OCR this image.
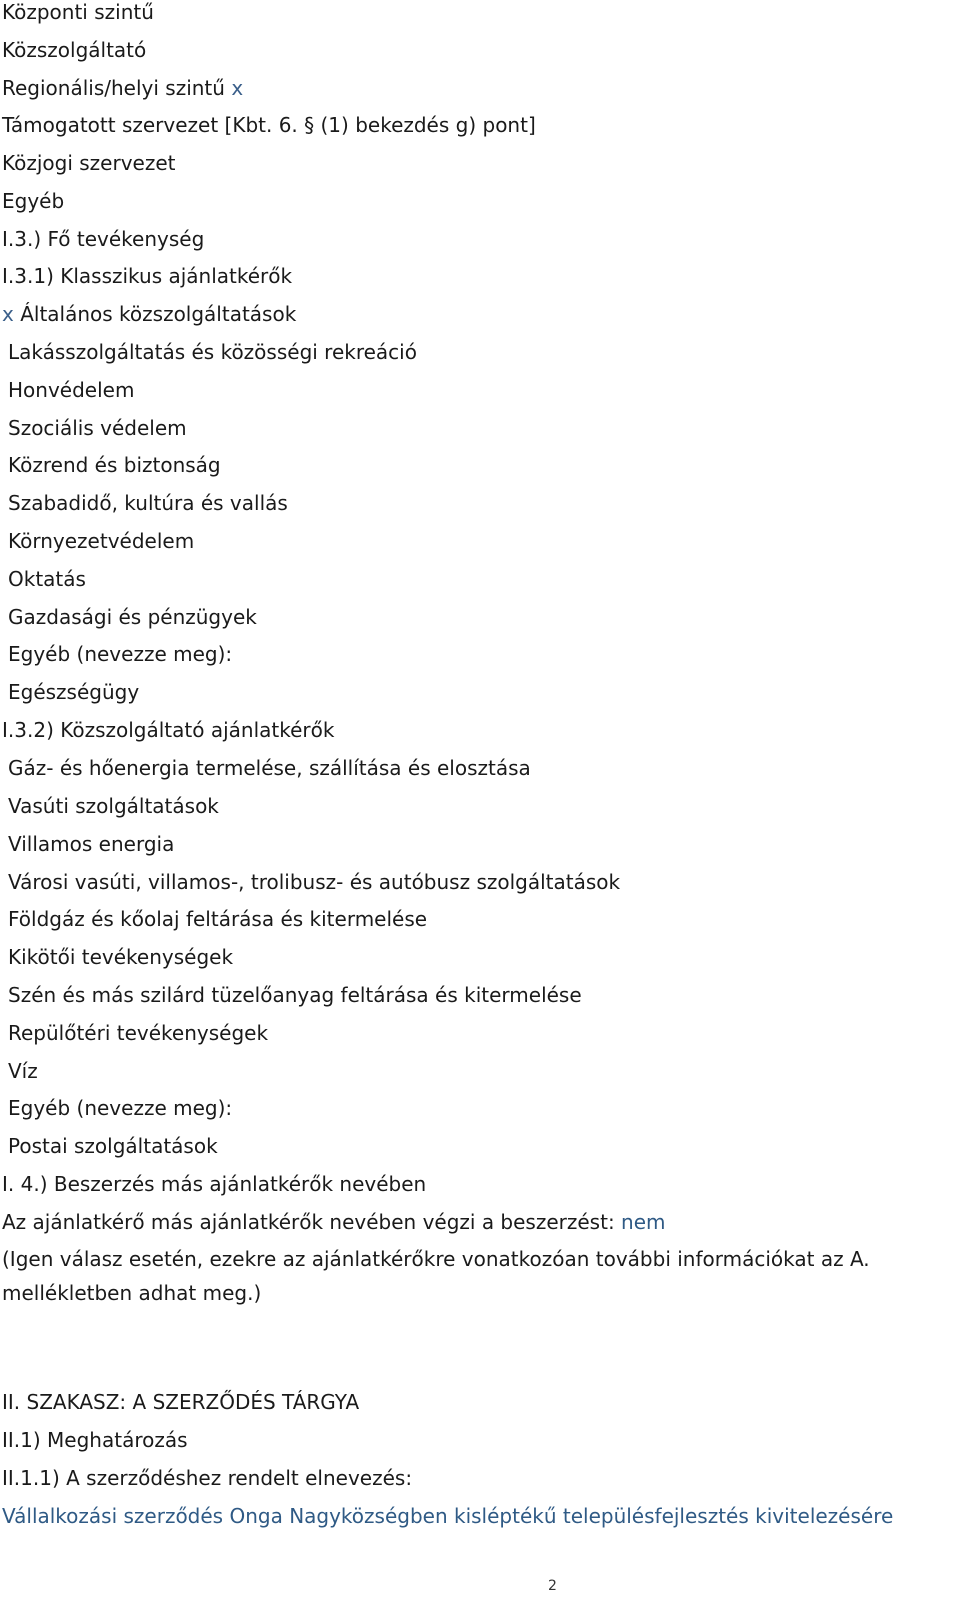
Központi szintű
Közszolgáltató
Regionális/helyi szintű x
Támogatott szervezet [Kbt. 6. § (1) bekezdés g) pont]
Közjogi szervezet
Egyéb
I.3.) Fő tevékenység
I.3.1) Klasszikus ajánlatkérők
x Általános közszolgáltatások
Lakásszolgáltatás és közösségi rekreáció
Honvédelem
Szociális védelem
Közrend és biztonság
Szabadidő, kultúra és vallás
Környezetvédelem
Oktatás
Gazdasági és pénzügyek
Egyéb (nevezze meg):
Egészségügy
I.3.2) Közszolgáltató ajánlatkérők
Gáz- és hőenergia termelése, szállítása és elosztása
Vasúti szolgáltatások
Villamos energia
Városi vasúti, villamos-, trolibusz- és autóbusz szolgáltatások
Földgáz és kőolaj feltárása és kitermelése
Kikötői tevékenységek
Szén és más szilárd tüzelőanyag feltárása és kitermelése
Repülőtéri tevékenységek
Víz
Egyéb (nevezze meg):
Postai szolgáltatások
I. 4.) Beszerzés más ajánlatkérők nevében
Az ajánlatkérő más ajánlatkérők nevében végzi a beszerzést: nem
(Igen válasz esetén, ezekre az ajánlatkérőkre vonatkozóan további információkat az A. mellékletben adhat meg.)
II. SZAKASZ: A SZERZŐDÉS TÁRGYA
II.1) Meghatározás
II.1.1) A szerződéshez rendelt elnevezés:
Vállalkozási szerződés Onga Nagyközségben kisléptékű településfejlesztés kivitelezésére
2
